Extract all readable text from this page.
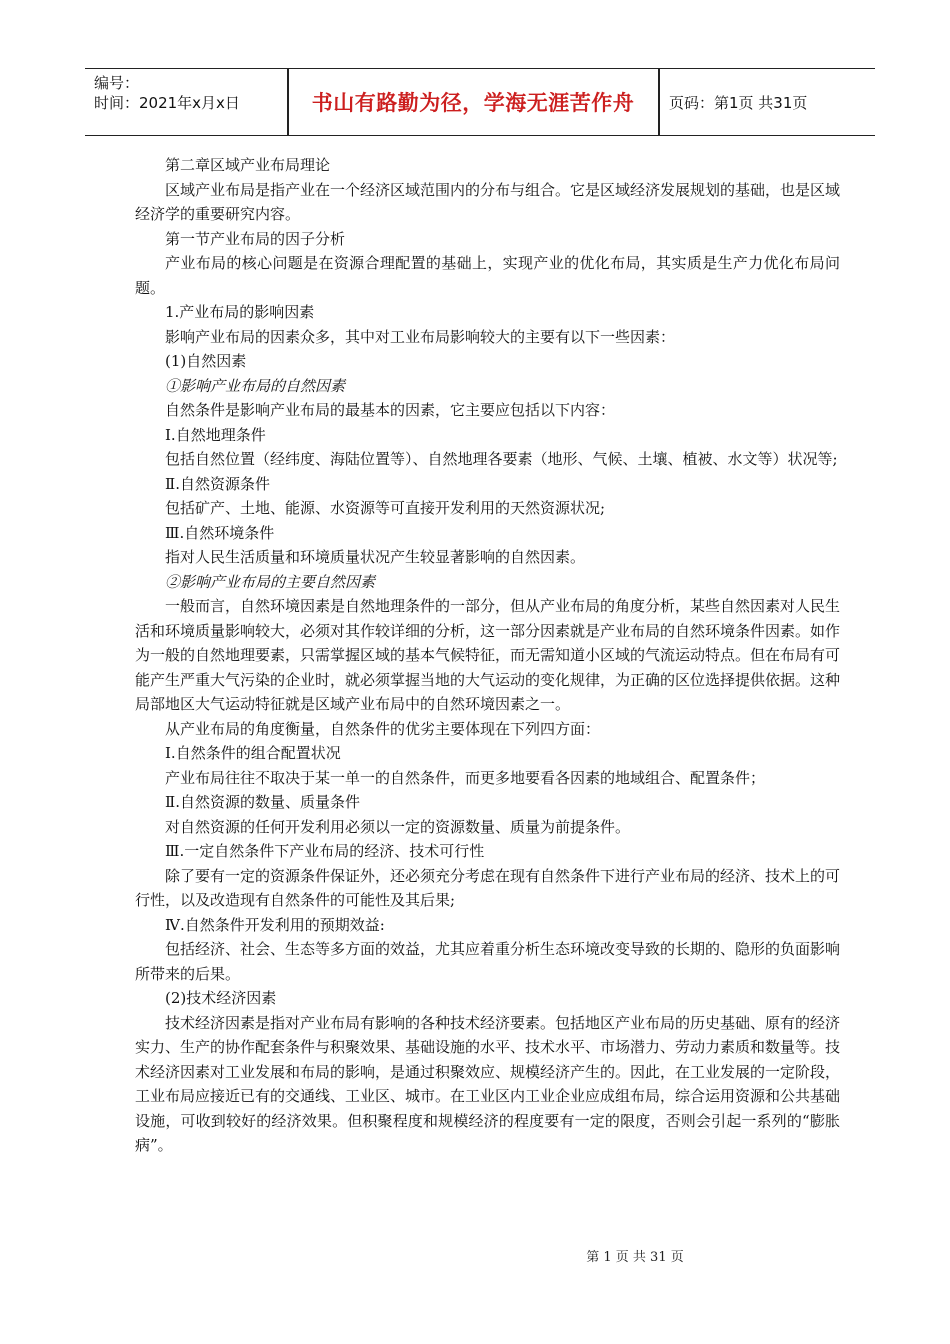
编号：
时间：2021年x月x日	书山有路勤为径，学海无涯苦作舟	页码：第1页 共31页

第二章区域产业布局理论

区域产业布局是指产业在一个经济区域范围内的分布与组合。它是区域经济发展规划的基础，也是区域经济学的重要研究内容。

第一节产业布局的因子分析

产业布局的核心问题是在资源合理配置的基础上，实现产业的优化布局，其实质是生产力优化布局问题。

1.产业布局的影响因素

影响产业布局的因素众多，其中对工业布局影响较大的主要有以下一些因素：

(1)自然因素

①影响产业布局的自然因素

自然条件是影响产业布局的最基本的因素，它主要应包括以下内容：

Ⅰ.自然地理条件

包括自然位置（经纬度、海陆位置等）、自然地理各要素（地形、气候、土壤、植被、水文等）状况等;

Ⅱ.自然资源条件

包括矿产、土地、能源、水资源等可直接开发利用的天然资源状况;

Ⅲ.自然环境条件

指对人民生活质量和环境质量状况产生较显著影响的自然因素。

②影响产业布局的主要自然因素

一般而言，自然环境因素是自然地理条件的一部分，但从产业布局的角度分析，某些自然因素对人民生活和环境质量影响较大，必须对其作较详细的分析，这一部分因素就是产业布局的自然环境条件因素。如作为一般的自然地理要素，只需掌握区域的基本气候特征，而无需知道小区域的气流运动特点。但在布局有可能产生严重大气污染的企业时，就必须掌握当地的大气运动的变化规律，为正确的区位选择提供依据。这种局部地区大气运动特征就是区域产业布局中的自然环境因素之一。

从产业布局的角度衡量，自然条件的优劣主要体现在下列四方面：

Ⅰ.自然条件的组合配置状况

产业布局往往不取决于某一单一的自然条件，而更多地要看各因素的地域组合、配置条件；

Ⅱ.自然资源的数量、质量条件

对自然资源的任何开发利用必须以一定的资源数量、质量为前提条件。

Ⅲ.一定自然条件下产业布局的经济、技术可行性

除了要有一定的资源条件保证外，还必须充分考虑在现有自然条件下进行产业布局的经济、技术上的可行性，以及改造现有自然条件的可能性及其后果;

Ⅳ.自然条件开发利用的预期效益:

包括经济、社会、生态等多方面的效益，尤其应着重分析生态环境改变导致的长期的、隐形的负面影响所带来的后果。

(2)技术经济因素

技术经济因素是指对产业布局有影响的各种技术经济要素。包括地区产业布局的历史基础、原有的经济实力、生产的协作配套条件与积聚效果、基础设施的水平、技术水平、市场潜力、劳动力素质和数量等。技术经济因素对工业发展和布局的影响，是通过积聚效应、规模经济产生的。因此，在工业发展的一定阶段，工业布局应接近已有的交通线、工业区、城市。在工业区内工业企业应成组布局，综合运用资源和公共基础设施，可收到较好的经济效果。但积聚程度和规模经济的程度要有一定的限度，否则会引起一系列的“膨胀病”。

第 1 页 共 31 页
